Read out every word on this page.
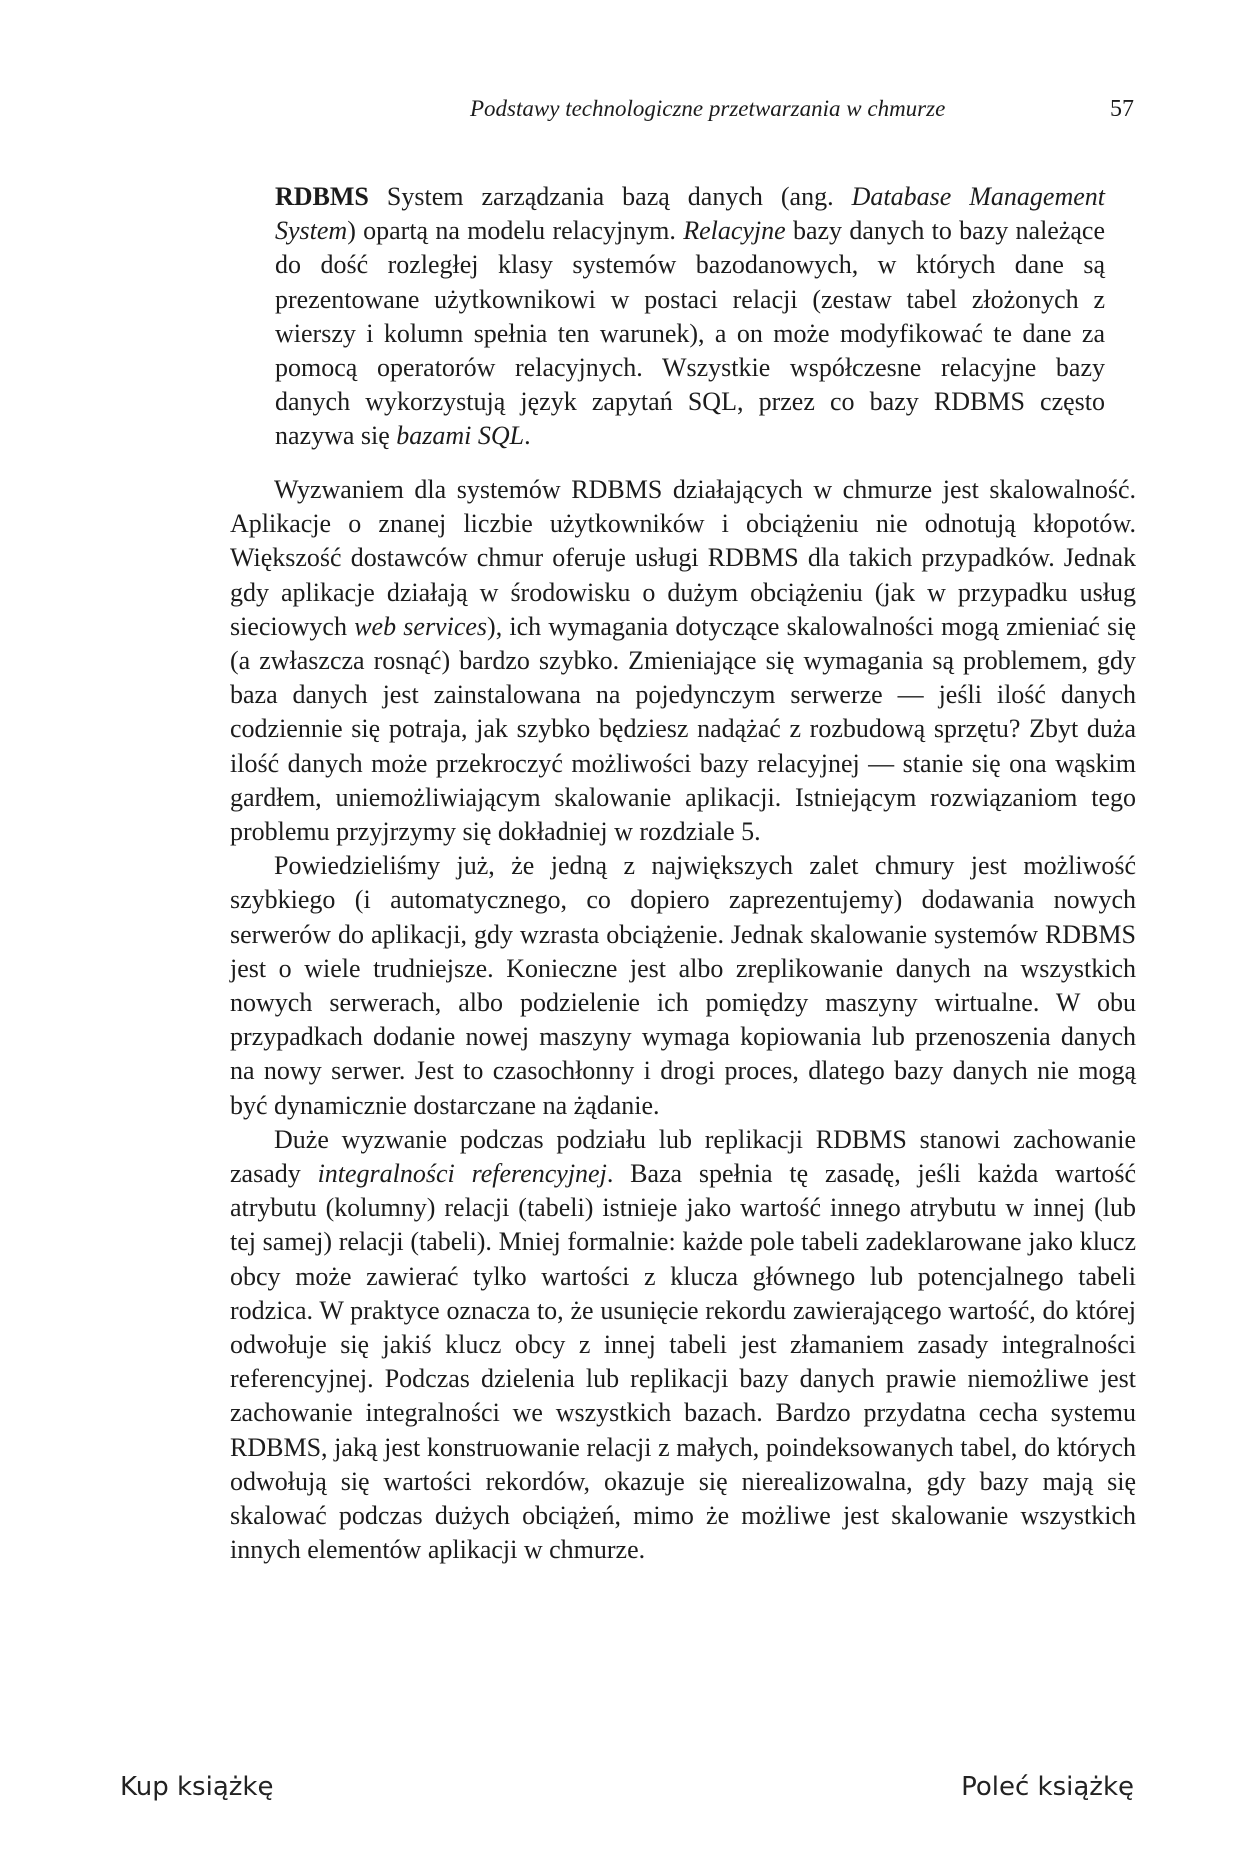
Podstawy technologiczne przetwarzania w chmurze	57
RDBMS System zarządzania bazą danych (ang. Database Management System) opartą na modelu relacyjnym. Relacyjne bazy danych to bazy należące do dość rozległej klasy systemów bazodanowych, w których dane są prezentowane użytkownikowi w postaci relacji (zestaw tabel złożonych z wierszy i kolumn spełnia ten warunek), a on może modyfikować te dane za pomocą operatorów relacyjnych. Wszystkie współczesne relacyjne bazy danych wykorzystują język zapytań SQL, przez co bazy RDBMS często nazywa się bazami SQL.

Wyzwaniem dla systemów RDBMS działających w chmurze jest skalowalność. Aplikacje o znanej liczbie użytkowników i obciążeniu nie odnotują kłopotów. Większość dostawców chmur oferuje usługi RDBMS dla takich przypadków. Jednak gdy aplikacje działają w środowisku o dużym obciążeniu (jak w przypadku usług sieciowych web services), ich wymagania dotyczące skalowalności mogą zmieniać się (a zwłaszcza rosnąć) bardzo szybko. Zmieniające się wymagania są problemem, gdy baza danych jest zainstalowana na pojedynczym serwerze — jeśli ilość danych codziennie się potraja, jak szybko będziesz nadążać z rozbudową sprzętu? Zbyt duża ilość danych może przekroczyć możliwości bazy relacyjnej — stanie się ona wąskim gardłem, uniemożliwiającym skalowanie aplikacji. Istniejącym rozwiązaniom tego problemu przyjrzymy się dokładniej w rozdziale 5.

Powiedzieliśmy już, że jedną z największych zalet chmury jest możliwość szybkiego (i automatycznego, co dopiero zaprezentujemy) dodawania nowych serwerów do aplikacji, gdy wzrasta obciążenie. Jednak skalowanie systemów RDBMS jest o wiele trudniejsze. Konieczne jest albo zreplikowanie danych na wszystkich nowych serwerach, albo podzielenie ich pomiędzy maszyny wirtualne. W obu przypadkach dodanie nowej maszyny wymaga kopiowania lub przenoszenia danych na nowy serwer. Jest to czasochłonny i drogi proces, dlatego bazy danych nie mogą być dynamicznie dostarczane na żądanie.

Duże wyzwanie podczas podziału lub replikacji RDBMS stanowi zachowanie zasady integralności referencyjnej. Baza spełnia tę zasadę, jeśli każda wartość atrybutu (kolumny) relacji (tabeli) istnieje jako wartość innego atrybutu w innej (lub tej samej) relacji (tabeli). Mniej formalnie: każde pole tabeli zadeklarowane jako klucz obcy może zawierać tylko wartości z klucza głównego lub potencjalnego tabeli rodzica. W praktyce oznacza to, że usunięcie rekordu zawierającego wartość, do której odwołuje się jakiś klucz obcy z innej tabeli jest złamaniem zasady integralności referencyjnej. Podczas dzielenia lub replikacji bazy danych prawie niemożliwe jest zachowanie integralności we wszystkich bazach. Bardzo przydatna cecha systemu RDBMS, jaką jest konstruowanie relacji z małych, poindeksowanych tabel, do których odwołują się wartości rekordów, okazuje się nierealizowalna, gdy bazy mają się skalować podczas dużych obciążeń, mimo że możliwe jest skalowanie wszystkich innych elementów aplikacji w chmurze.

Kup książkę	Poleć książkę
